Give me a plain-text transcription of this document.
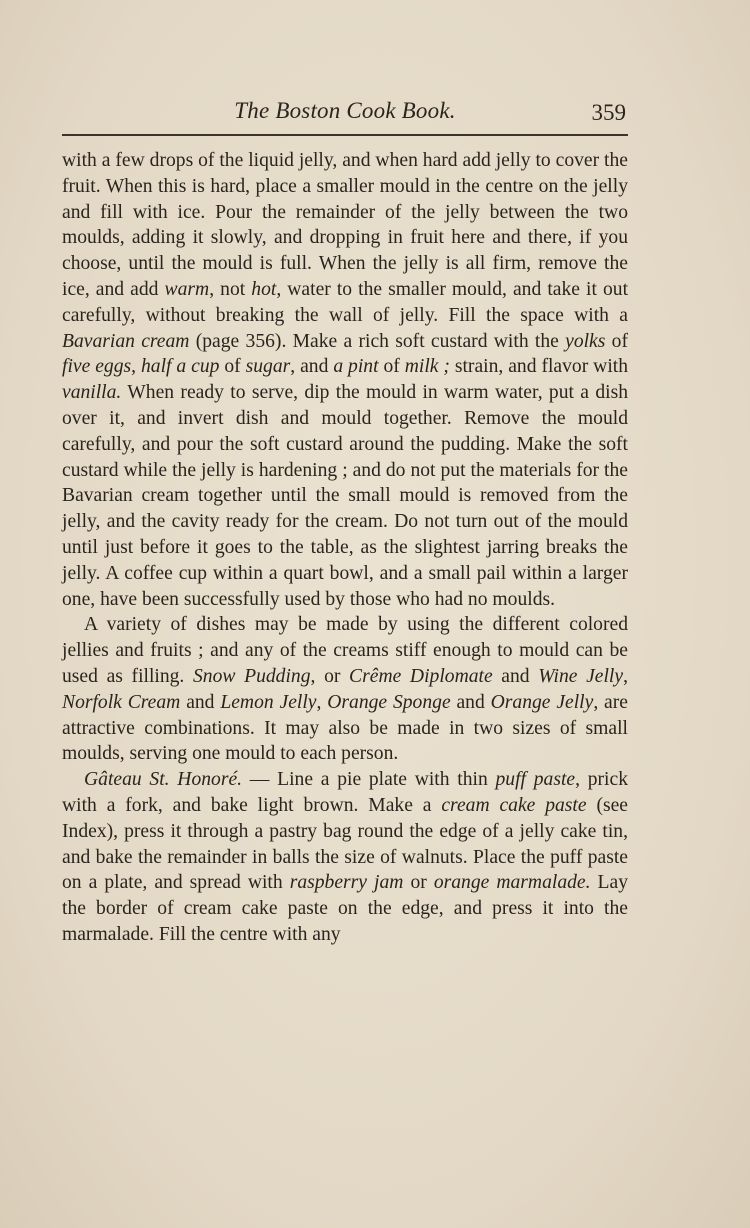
The Boston Cook Book.	359

with a few drops of the liquid jelly, and when hard add jelly to cover the fruit. When this is hard, place a smaller mould in the centre on the jelly and fill with ice. Pour the remainder of the jelly between the two moulds, adding it slowly, and dropping in fruit here and there, if you choose, until the mould is full. When the jelly is all firm, remove the ice, and add warm, not hot, water to the smaller mould, and take it out carefully, without breaking the wall of jelly. Fill the space with a Bavarian cream (page 356). Make a rich soft custard with the yolks of five eggs, half a cup of sugar, and a pint of milk ; strain, and flavor with vanilla. When ready to serve, dip the mould in warm water, put a dish over it, and invert dish and mould together. Remove the mould carefully, and pour the soft custard around the pudding. Make the soft custard while the jelly is hardening ; and do not put the materials for the Bavarian cream together until the small mould is removed from the jelly, and the cavity ready for the cream. Do not turn out of the mould until just before it goes to the table, as the slightest jarring breaks the jelly. A coffee cup within a quart bowl, and a small pail within a larger one, have been successfully used by those who had no moulds.

A variety of dishes may be made by using the different colored jellies and fruits ; and any of the creams stiff enough to mould can be used as filling. Snow Pudding, or Crême Diplomate and Wine Jelly, Norfolk Cream and Lemon Jelly, Orange Sponge and Orange Jelly, are attractive combinations. It may also be made in two sizes of small moulds, serving one mould to each person.

Gâteau St. Honoré. — Line a pie plate with thin puff paste, prick with a fork, and bake light brown. Make a cream cake paste (see Index), press it through a pastry bag round the edge of a jelly cake tin, and bake the remainder in balls the size of walnuts. Place the puff paste on a plate, and spread with raspberry jam or orange marmalade. Lay the border of cream cake paste on the edge, and press it into the marmalade. Fill the centre with any
